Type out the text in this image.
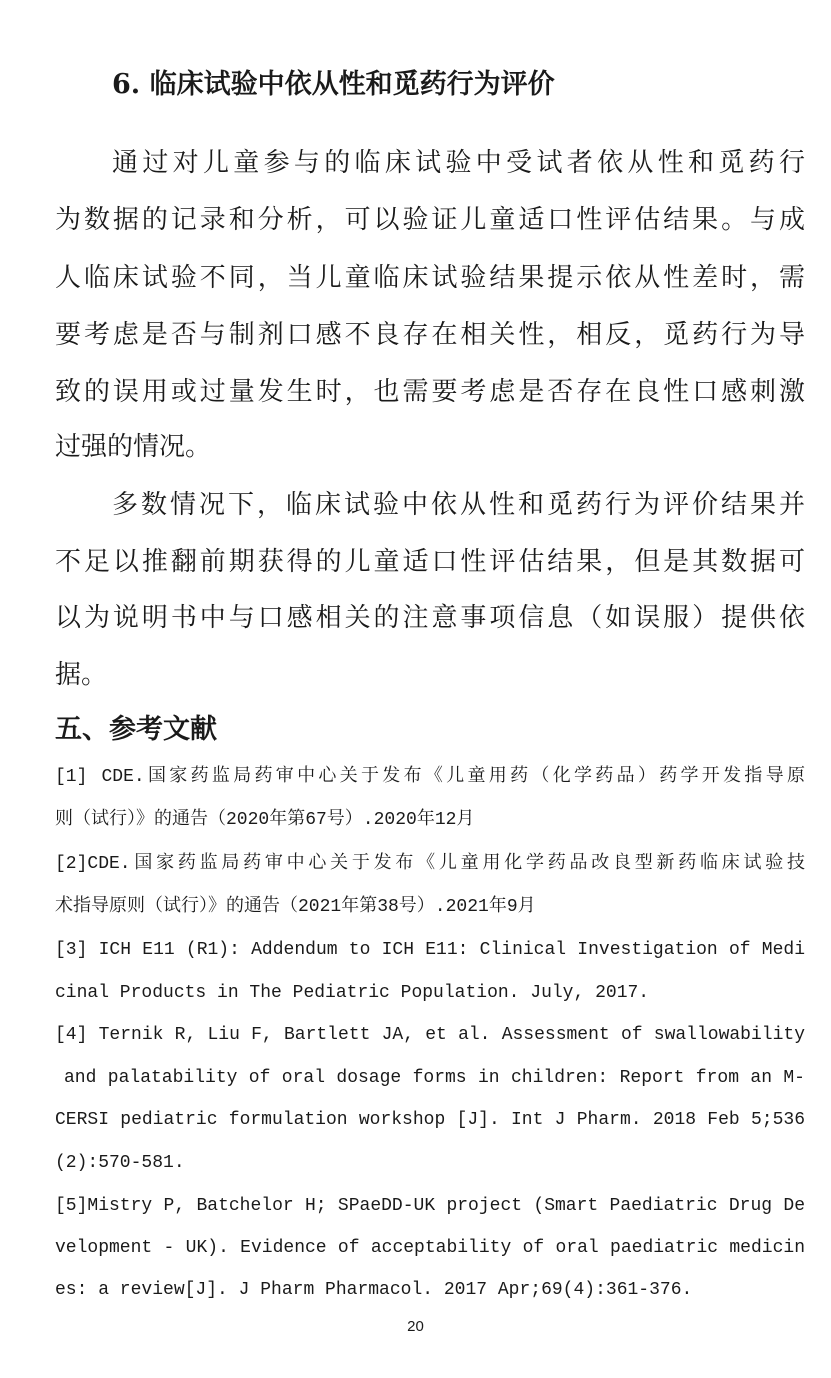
6. 临床试验中依从性和觅药行为评价
通过对儿童参与的临床试验中受试者依从性和觅药行
为数据的记录和分析，可以验证儿童适口性评估结果。与成
人临床试验不同，当儿童临床试验结果提示依从性差时，需
要考虑是否与制剂口感不良存在相关性，相反，觅药行为导
致的误用或过量发生时，也需要考虑是否存在良性口感刺激
过强的情况。
多数情况下，临床试验中依从性和觅药行为评价结果并
不足以推翻前期获得的儿童适口性评估结果，但是其数据可
以为说明书中与口感相关的注意事项信息（如误服）提供依
据。
五、参考文献
[1] CDE.国家药监局药审中心关于发布《儿童用药（化学药品）药学开发指导原
则（试行）》的通告（2020年第67号）.2020年12月
[2]CDE.国家药监局药审中心关于发布《儿童用化学药品改良型新药临床试验技
术指导原则（试行）》的通告（2021年第38号）.2021年9月
[3] ICH E11 (R1): Addendum to ICH E11: Clinical Investigation of Medi
cinal Products in The Pediatric Population. July, 2017.
[4] Ternik R, Liu F, Bartlett JA, et al. Assessment of swallowability
and palatability of oral dosage forms in children: Report from an M-
CERSI pediatric formulation workshop [J]. Int J Pharm. 2018 Feb 5;536
(2):570-581.
[5]Mistry P, Batchelor H; SPaeDD-UK project (Smart Paediatric Drug De
velopment - UK). Evidence of acceptability of oral paediatric medicin
es: a review[J]. J Pharm Pharmacol. 2017 Apr;69(4):361-376.
20
